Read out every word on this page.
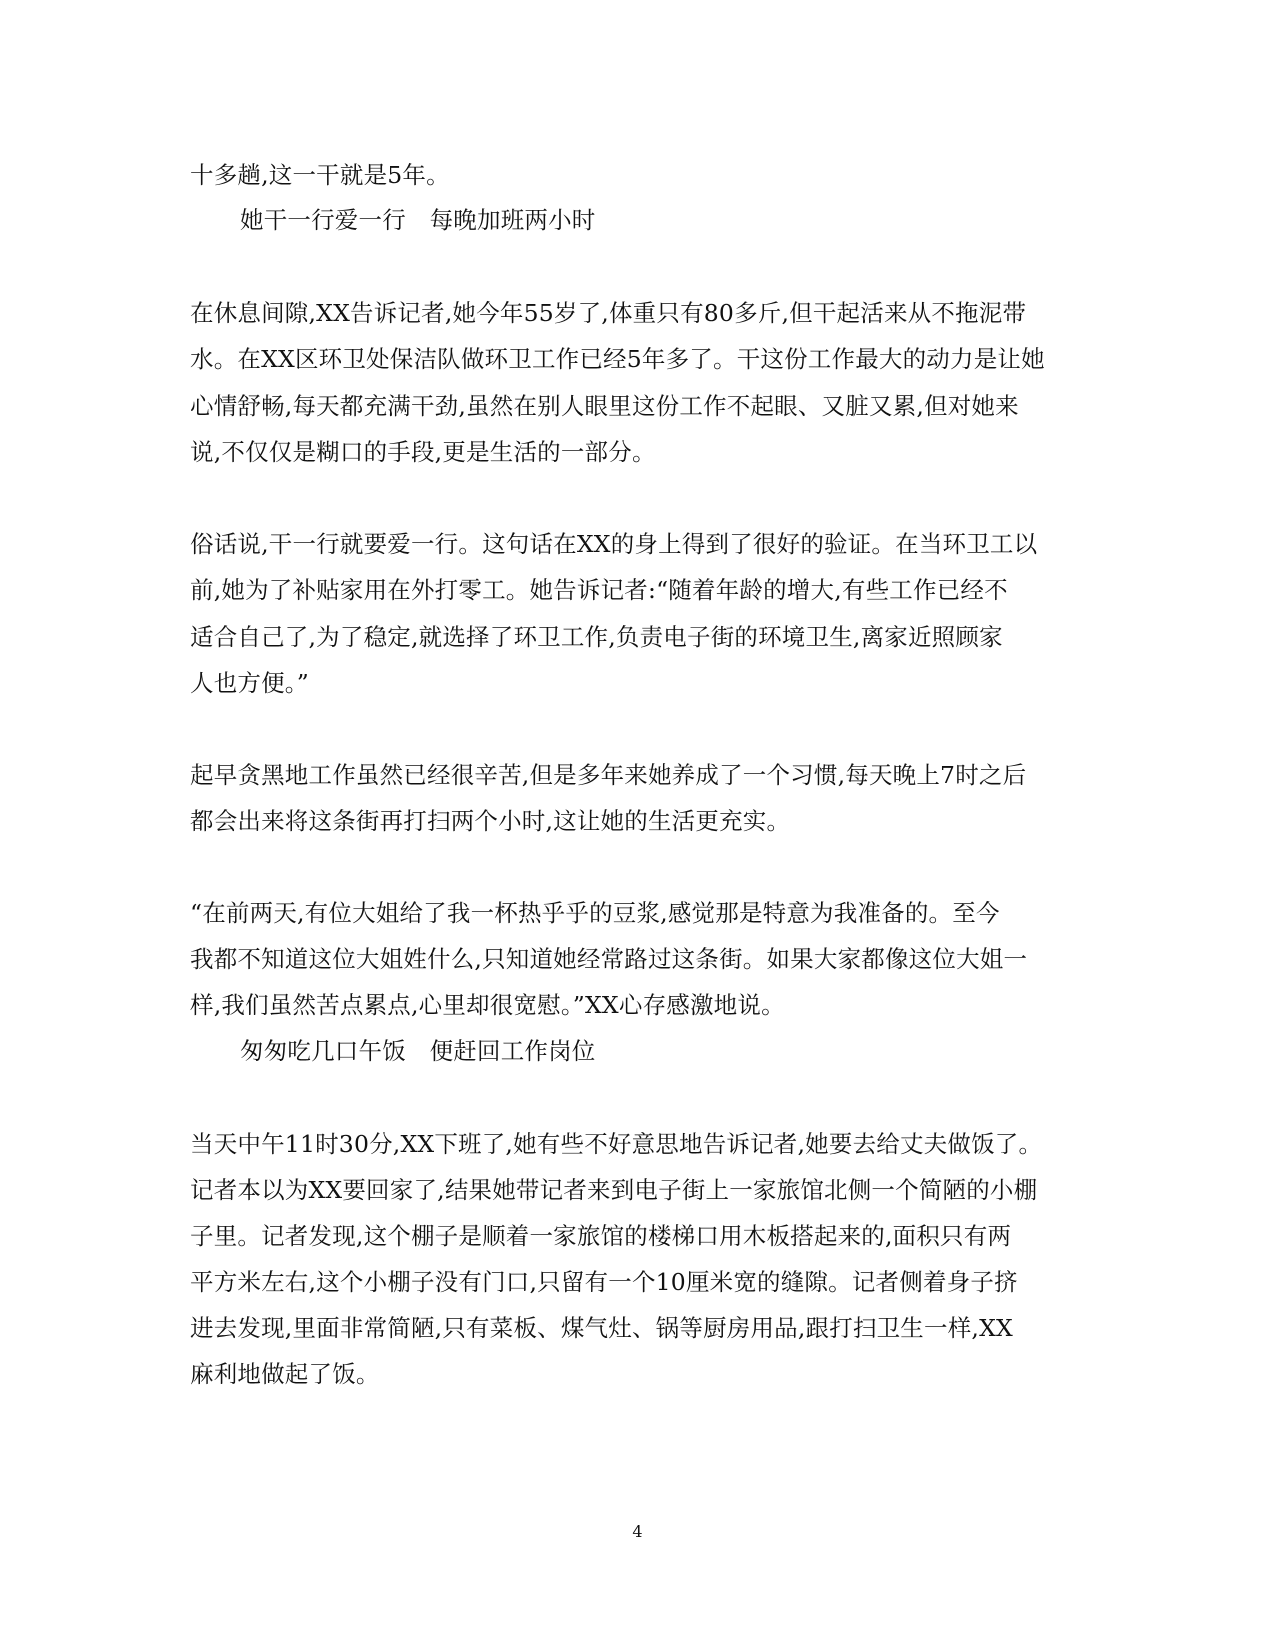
十多趟,这一干就是5年。
她干一行爱一行　每晚加班两小时
在休息间隙,XX告诉记者,她今年55岁了,体重只有80多斤,但干起活来从不拖泥带
水。在XX区环卫处保洁队做环卫工作已经5年多了。干这份工作最大的动力是让她
心情舒畅,每天都充满干劲,虽然在别人眼里这份工作不起眼、又脏又累,但对她来
说,不仅仅是糊口的手段,更是生活的一部分。
俗话说,干一行就要爱一行。这句话在XX的身上得到了很好的验证。在当环卫工以
前,她为了补贴家用在外打零工。她告诉记者:“随着年龄的增大,有些工作已经不
适合自己了,为了稳定,就选择了环卫工作,负责电子街的环境卫生,离家近照顾家
人也方便。”
起早贪黑地工作虽然已经很辛苦,但是多年来她养成了一个习惯,每天晚上7时之后
都会出来将这条街再打扫两个小时,这让她的生活更充实。
“在前两天,有位大姐给了我一杯热乎乎的豆浆,感觉那是特意为我准备的。至今
我都不知道这位大姐姓什么,只知道她经常路过这条街。如果大家都像这位大姐一
样,我们虽然苦点累点,心里却很宽慰。”XX心存感激地说。
匆匆吃几口午饭　便赶回工作岗位
当天中午11时30分,XX下班了,她有些不好意思地告诉记者,她要去给丈夫做饭了。
记者本以为XX要回家了,结果她带记者来到电子街上一家旅馆北侧一个简陋的小棚
子里。记者发现,这个棚子是顺着一家旅馆的楼梯口用木板搭起来的,面积只有两
平方米左右,这个小棚子没有门口,只留有一个10厘米宽的缝隙。记者侧着身子挤
进去发现,里面非常简陋,只有菜板、煤气灶、锅等厨房用品,跟打扫卫生一样,XX
麻利地做起了饭。
4
